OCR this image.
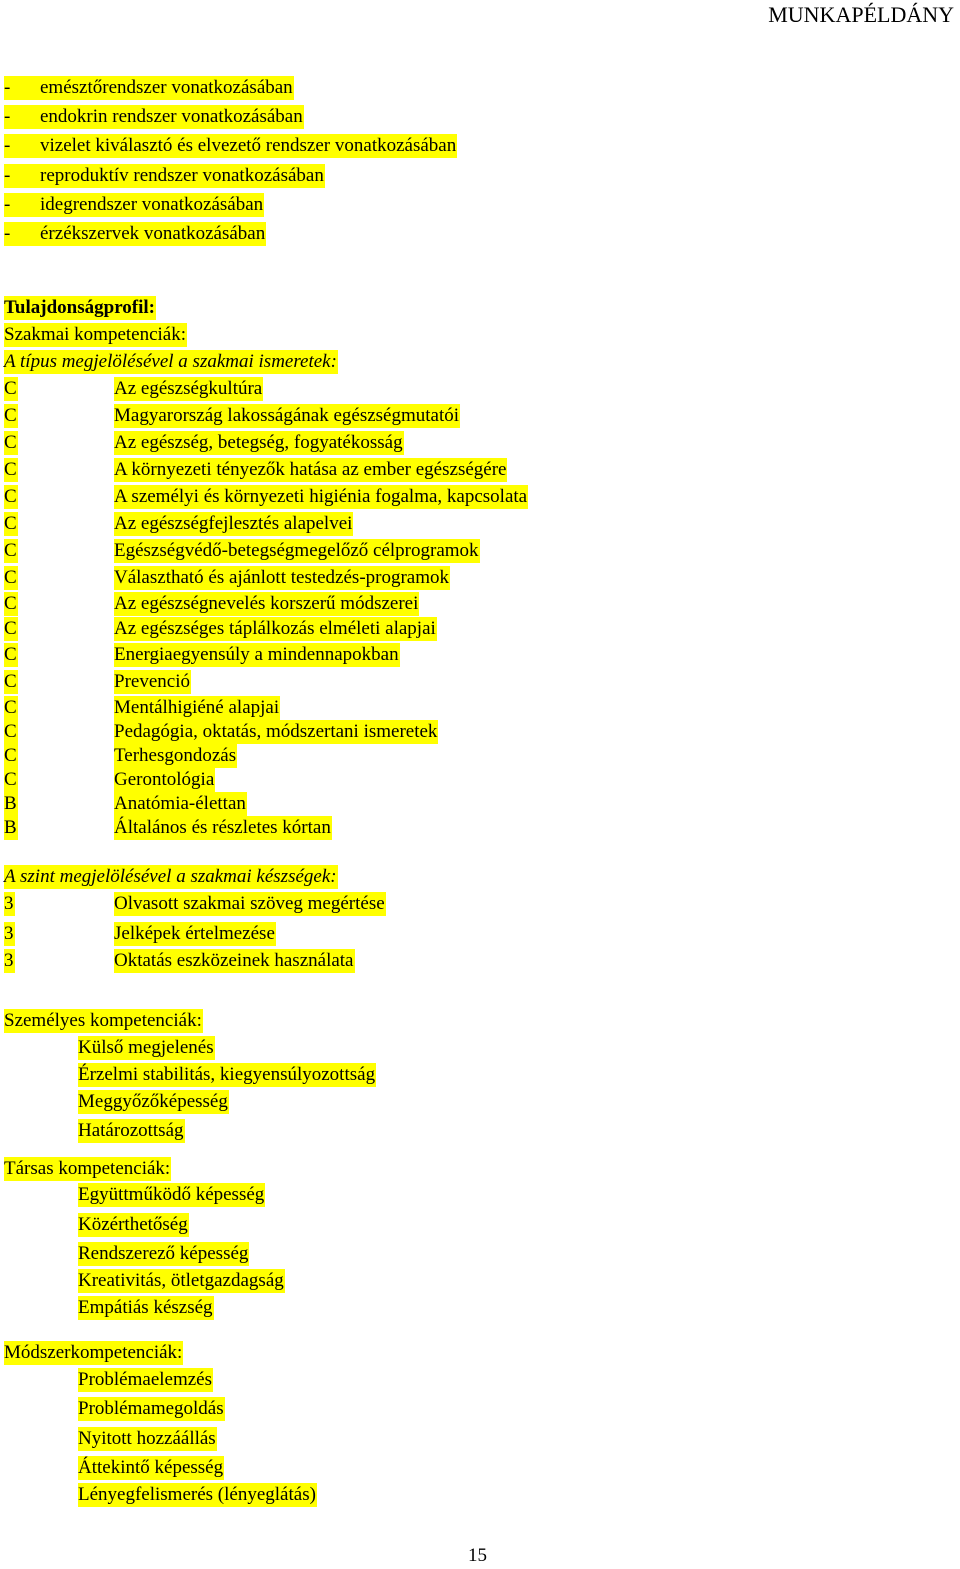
MUNKAPÉLDÁNY
-	emésztőrendszer vonatkozásában
-	endokrin rendszer vonatkozásában
-	vizelet kiválasztó és elvezető rendszer vonatkozásában
-	reproduktív rendszer vonatkozásában
-	idegrendszer vonatkozásában
-	érzékszervek vonatkozásában
Tulajdonságprofil:
Szakmai kompetenciák:
A típus megjelölésével a szakmai ismeretek:
C	Az egészségkultúra
C	Magyarország lakosságának egészségmutatói
C	Az egészség, betegség, fogyatékosság
C	A környezeti tényezők hatása az ember egészségére
C	A személyi és környezeti higiénia fogalma, kapcsolata
C	Az egészségfejlesztés alapelvei
C	Egészségvédő-betegségmegelőző célprogramok
C	Választható és ajánlott testedzés-programok
C	Az egészségnevelés korszerű módszerei
C	Az egészséges táplálkozás elméleti alapjai
C	Energiaegyensúly a mindennapokban
C	Prevenció
C	Mentálhigiéné alapjai
C	Pedagógia, oktatás, módszertani ismeretek
C	Terhesgondozás
C	Gerontológia
B	Anatómia-élettan
B	Általános és részletes kórtan
A szint megjelölésével a szakmai készségek:
3	Olvasott szakmai szöveg megértése
3	Jelképek értelmezése
3	Oktatás eszközeinek használata
Személyes kompetenciák:
Külső megjelenés
Érzelmi stabilitás, kiegyensúlyozottság
Meggyőzőképesség
Határozottság
Társas kompetenciák:
Együttműködő képesség
Közérthetőség
Rendszerező képesség
Kreativitás, ötletgazdagság
Empátiás készség
Módszerkompetenciák:
Problémaelemzés
Problémamegoldás
Nyitott hozzáállás
Áttekintő képesség
Lényegfelismerés (lényeglátás)
15
